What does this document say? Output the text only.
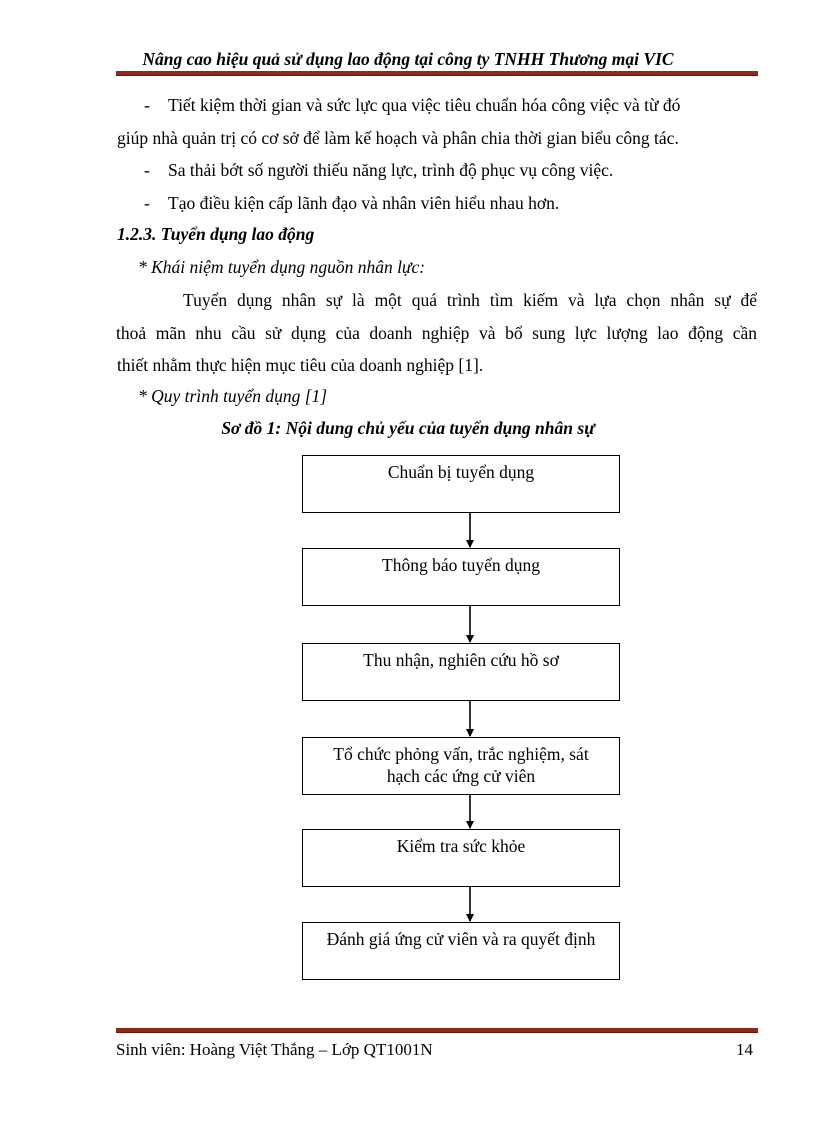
Nâng cao hiệu quả sử dụng lao động tại công ty TNHH Thương mại VIC
- Tiết kiệm thời gian và sức lực qua việc tiêu chuẩn hóa công việc và từ đó
giúp nhà quản trị có cơ sở để làm kế hoạch và phân chia thời gian biểu công tác.
- Sa thải bớt số người thiếu năng lực, trình độ phục vụ công việc.
- Tạo điều kiện cấp lãnh đạo và nhân viên hiểu nhau hơn.
1.2.3. Tuyển dụng lao động
* Khái niệm tuyển dụng nguồn nhân lực:
Tuyển dụng nhân sự là một quá trình tìm kiếm và lựa chọn nhân sự để
thoả mãn nhu cầu sử dụng của doanh nghiệp và bổ sung lực lượng lao động cần
thiết nhằm thực hiện mục tiêu của doanh nghiệp [1].
* Quy trình tuyển dụng [1]
Sơ đồ 1: Nội dung chủ yếu của tuyển dụng nhân sự
Chuẩn bị tuyển dụng
Thông báo tuyển dụng
Thu nhận, nghiên cứu hồ sơ
Tổ chức phỏng vấn, trắc nghiệm, sát
hạch các ứng cử viên
Kiểm tra sức khỏe
Đánh giá ứng cử viên và ra quyết định
Sinh viên: Hoàng Việt Thắng – Lớp QT1001N	14
